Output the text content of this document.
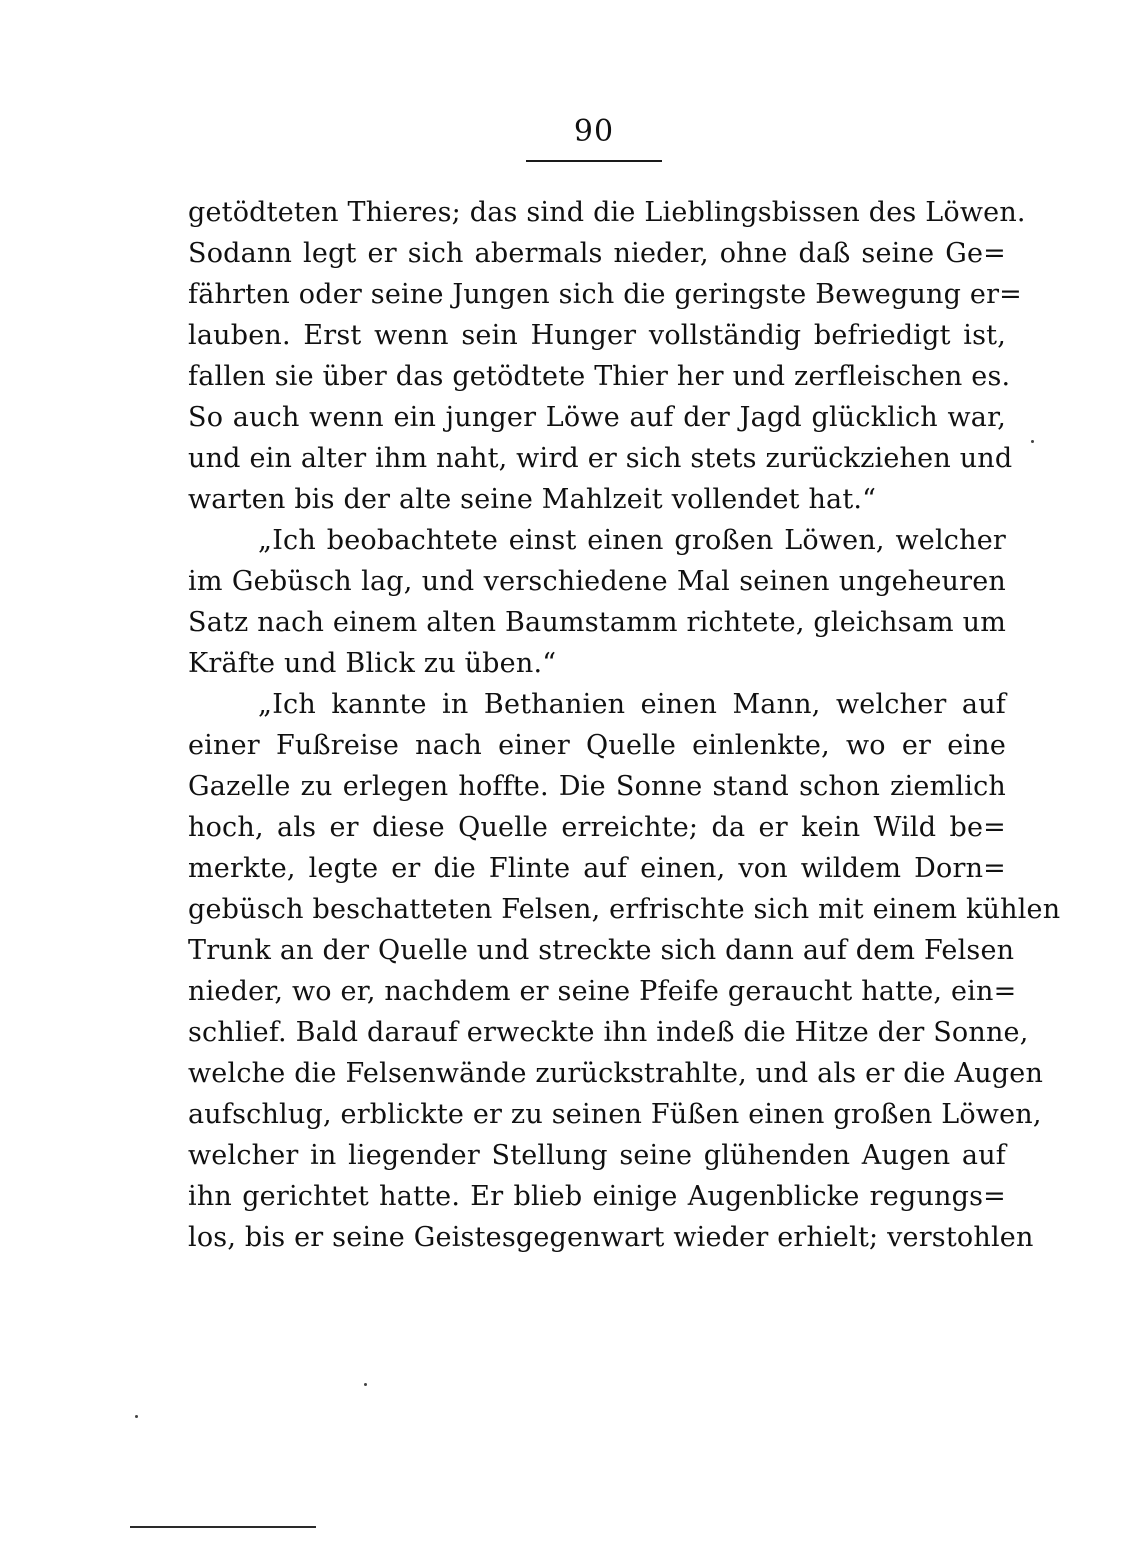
90
getödteten Thieres; das sind die Lieblingsbissen des Löwen.
Sodann legt er sich abermals nieder, ohne daß seine Ge=
fährten oder seine Jungen sich die geringste Bewegung er=
lauben. Erst wenn sein Hunger vollständig befriedigt ist,
fallen sie über das getödtete Thier her und zerfleischen es.
So auch wenn ein junger Löwe auf der Jagd glücklich war,
und ein alter ihm naht, wird er sich stets zurückziehen und
warten bis der alte seine Mahlzeit vollendet hat.“
„Ich beobachtete einst einen großen Löwen, welcher
im Gebüsch lag, und verschiedene Mal seinen ungeheuren
Satz nach einem alten Baumstamm richtete, gleichsam um
Kräfte und Blick zu üben.“
„Ich kannte in Bethanien einen Mann, welcher auf
einer Fußreise nach einer Quelle einlenkte, wo er eine
Gazelle zu erlegen hoffte. Die Sonne stand schon ziemlich
hoch, als er diese Quelle erreichte; da er kein Wild be=
merkte, legte er die Flinte auf einen, von wildem Dorn=
gebüsch beschatteten Felsen, erfrischte sich mit einem kühlen
Trunk an der Quelle und streckte sich dann auf dem Felsen
nieder, wo er, nachdem er seine Pfeife geraucht hatte, ein=
schlief. Bald darauf erweckte ihn indeß die Hitze der Sonne,
welche die Felsenwände zurückstrahlte, und als er die Augen
aufschlug, erblickte er zu seinen Füßen einen großen Löwen,
welcher in liegender Stellung seine glühenden Augen auf
ihn gerichtet hatte. Er blieb einige Augenblicke regungs=
los, bis er seine Geistesgegenwart wieder erhielt; verstohlen
